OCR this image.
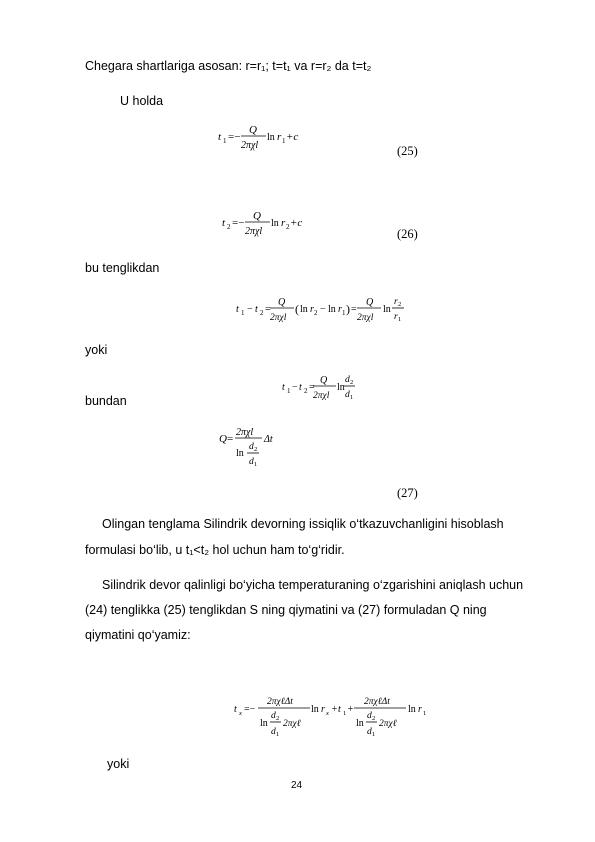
Chegara shartlariga asosan: r=r₁; t=t₁ va r=r₂ da t=t₂
U holda
t 1 =−
Q
2πχl
ln r 1 +c
(25)
t 2 =−
Q
2πχl
ln r 2 +c
(26)
bu tenglikdan
t 1 − t 2 =
Q
2πχl
( ln r 2 − ln r 1 ) =
Q
2πχl
ln
r 2
r 1
yoki
t 1 − t 2 =
Q
2πχl
ln
d 2
d 1
bundan
Q =
2πχl
ln
d 2
d 1
Δt
(27)
Olingan tenglama Silindrik devorning issiqlik o‘tkazuvchanligini hisoblash
formulasi bo‘lib, u t₁<t₂ hol uchun ham to‘g‘ridir.
Silindrik devor qalinligi bo‘yicha temperaturaning o‘zgarishini aniqlash uchun
(24) tenglikka (25) tenglikdan S ning qiymatini va (27) formuladan Q ning
qiymatini qo‘yamiz:
t x =−
2πχℓΔt
ln
d 2
d 1
2πχℓ
ln r x + t 1 +
2πχℓΔt
ln
d 2
d 1
2πχℓ
ln r 1
yoki
24
